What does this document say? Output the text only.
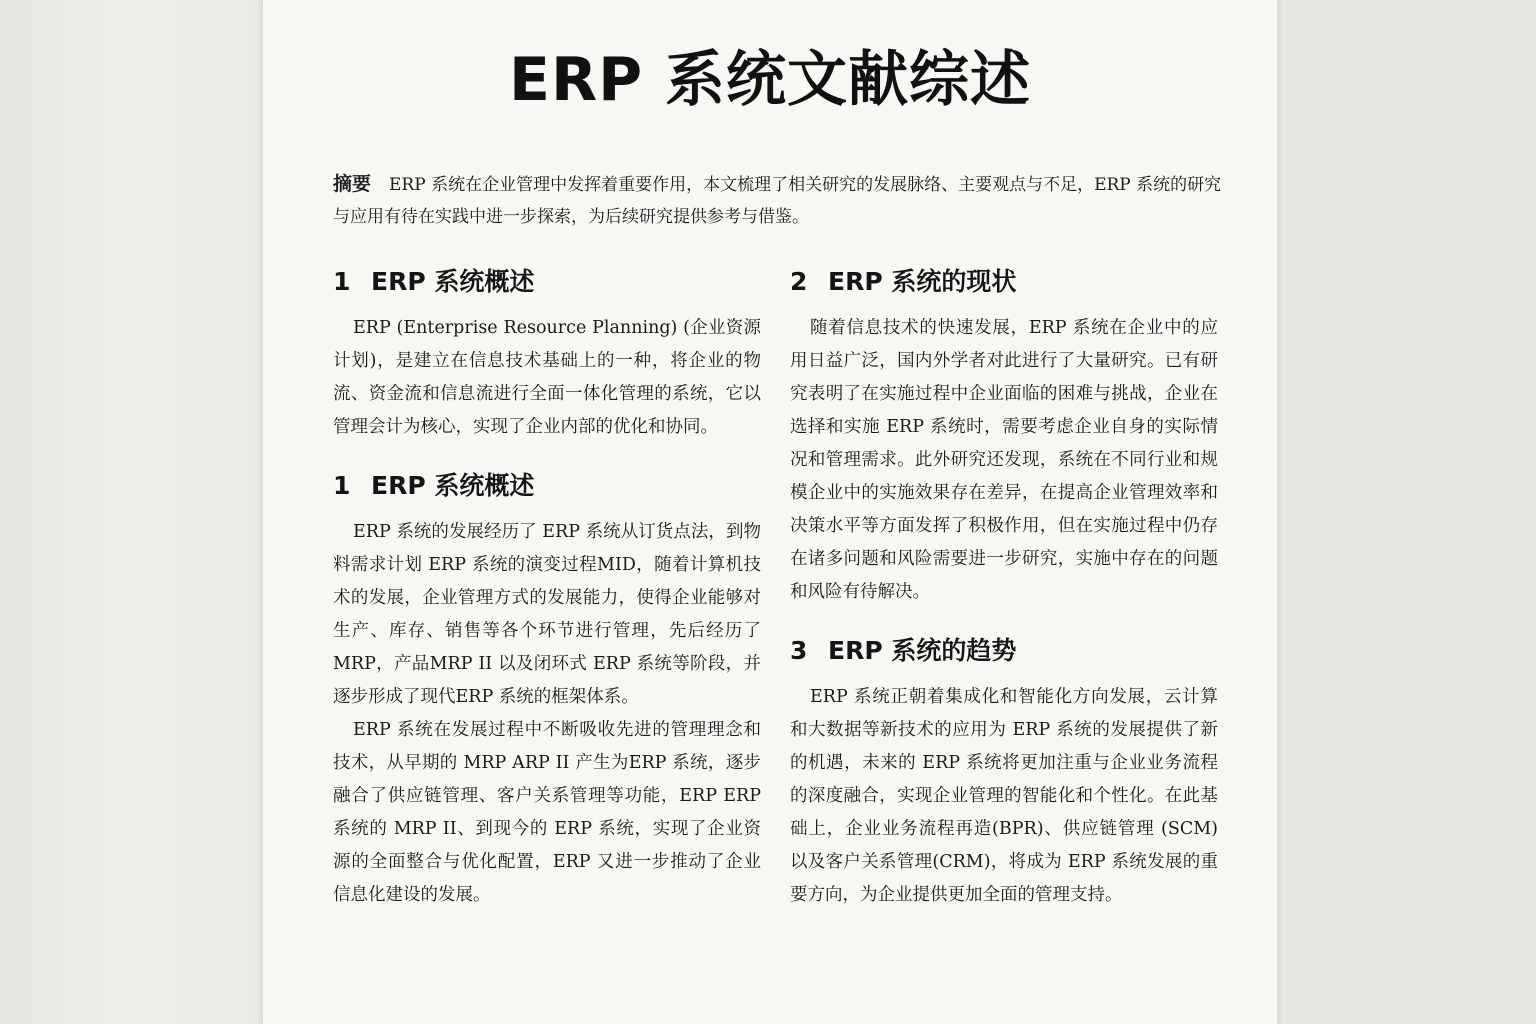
ERP 系统文献综述

摘要 ERP 系统在企业管理中发挥着重要作用，本文梳理了相关研究的发展脉络、主要观点与不足，ERP 系统的研究与应用有待在实践中进一步探索，为后续研究提供参考与借鉴。

1 ERP 系统概述

ERP (Enterprise Resource Planning) (企业资源计划)，是建立在信息技术基础上的一种，将企业的物流、资金流和信息流进行全面一体化管理的系统，它以管理会计为核心，实现了企业内部的优化和协同。

1 ERP 系统概述

ERP 系统的发展经历了 ERP 系统从订货点法，到物料需求计划 ERP 系统的演变过程MID，随着计算机技术的发展，企业管理方式的发展能力，使得企业能够对生产、库存、销售等各个环节进行管理，先后经历了 MRP，产品MRP II 以及闭环式 ERP 系统等阶段，并逐步形成了现代ERP 系统的框架体系。

ERP 系统在发展过程中不断吸收先进的管理理念和技术，从早期的 MRP ARP II 产生为ERP 系统，逐步融合了供应链管理、客户关系管理等功能，ERP ERP 系统的 MRP II、到现今的 ERP 系统，实现了企业资源的全面整合与优化配置，ERP 又进一步推动了企业信息化建设的发展。

2 ERP 系统的现状

随着信息技术的快速发展，ERP 系统在企业中的应用日益广泛，国内外学者对此进行了大量研究。已有研究表明了在实施过程中企业面临的困难与挑战，企业在选择和实施 ERP 系统时，需要考虑企业自身的实际情况和管理需求。此外研究还发现，系统在不同行业和规模企业中的实施效果存在差异，在提高企业管理效率和决策水平等方面发挥了积极作用，但在实施过程中仍存在诸多问题和风险需要进一步研究，实施中存在的问题和风险有待解决。

3 ERP 系统的趋势

ERP 系统正朝着集成化和智能化方向发展，云计算和大数据等新技术的应用为 ERP 系统的发展提供了新的机遇，未来的 ERP 系统将更加注重与企业业务流程的深度融合，实现企业管理的智能化和个性化。在此基础上，企业业务流程再造(BPR)、供应链管理 (SCM) 以及客户关系管理(CRM)，将成为 ERP 系统发展的重要方向，为企业提供更加全面的管理支持。
